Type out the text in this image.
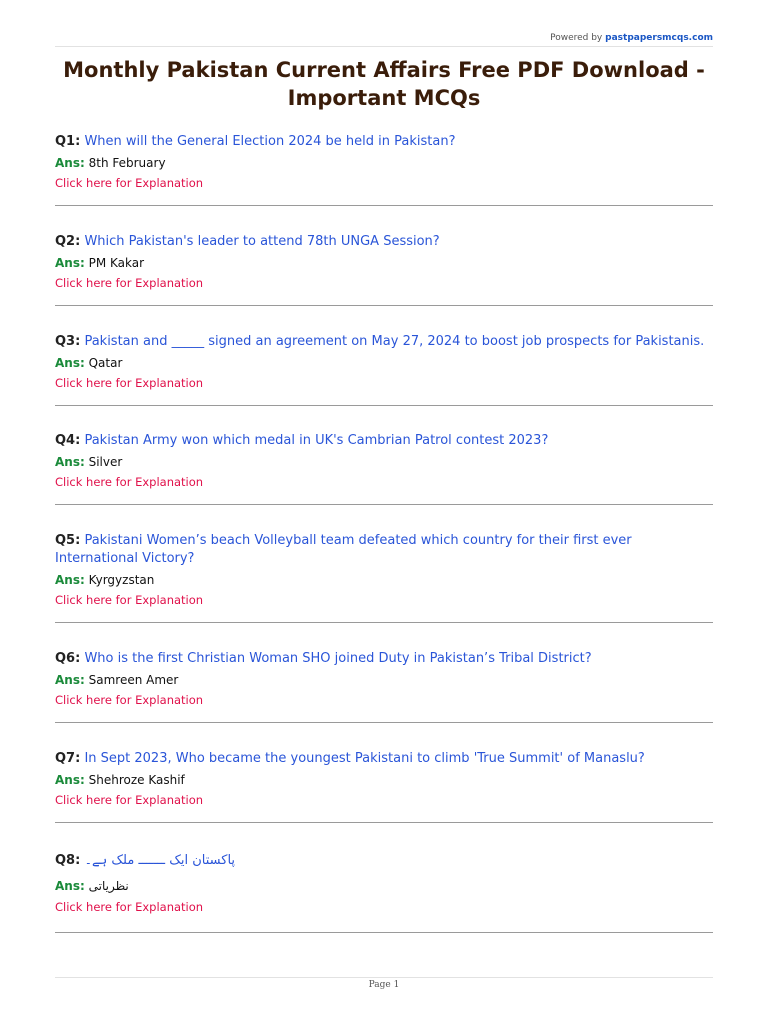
Powered by pastpapersmcqs.com
Monthly Pakistan Current Affairs Free PDF Download - Important MCQs

Q1: When will the General Election 2024 be held in Pakistan?

Ans: 8th February
Click here for Explanation

Q2: Which Pakistan's leader to attend 78th UNGA Session?

Ans: PM Kakar
Click here for Explanation

Q3: Pakistan and _____ signed an agreement on May 27, 2024 to boost job prospects for Pakistanis.

Ans: Qatar
Click here for Explanation

Q4: Pakistan Army won which medal in UK's Cambrian Patrol contest 2023?

Ans: Silver
Click here for Explanation

Q5: Pakistani Women’s beach Volleyball team defeated which country for their first ever International Victory?

Ans: Kyrgyzstan
Click here for Explanation

Q6: Who is the first Christian Woman SHO joined Duty in Pakistan’s Tribal District?

Ans: Samreen Amer
Click here for Explanation

Q7: In Sept 2023, Who became the youngest Pakistani to climb 'True Summit' of Manaslu?

Ans: Shehroze Kashif
Click here for Explanation

Q8: پاکستان ایک ـــــــ ملک ہے۔

Ans: نظریاتی
Click here for Explanation
Page 1
